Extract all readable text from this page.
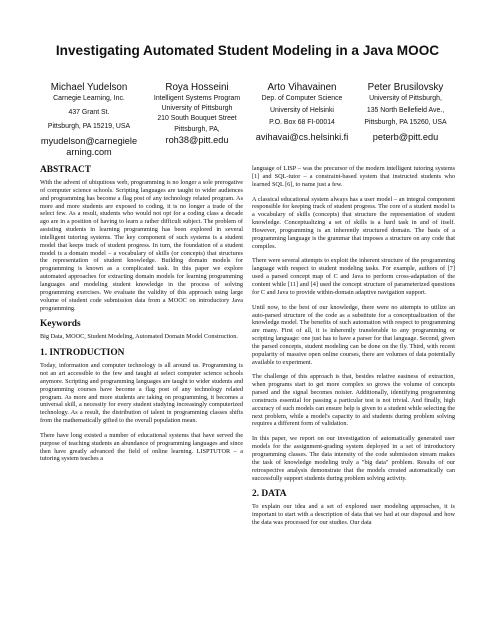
Investigating Automated Student Modeling in a Java MOOC
Michael Yudelson
Carnegie Learning, Inc.
437 Grant St.
Pittsburgh, PA 15219, USA
myudelson@carnegielearning.com
Roya Hosseini
Intelligent Systems Program
University of Pittsburgh
210 South Bouquet Street
Pittsburgh, PA,
roh38@pitt.edu
Arto Vihavainen
Dep. of Computer Science
University of Helsinki
P.O. Box 68 FI-00014
avihavai@cs.helsinki.fi
Peter Brusilovsky
University of Pittsburgh,
135 North Bellefield Ave.,
Pittsburgh, PA 15260, USA
peterb@pitt.edu
ABSTRACT

With the advent of ubiquitous web, programming is no longer a sole prerogative of computer science schools. Scripting languages are taught to wider audiences and programming has become a flag post of any technology related program. As more and more students are exposed to coding, it is no longer a trade of the select few. As a result, students who would not opt for a coding class a decade ago are in a position of having to learn a rather difficult subject. The problem of assisting students in learning programming has been explored in several intelligent tutoring systems. The key component of such systems is a student model that keeps track of student progress. In turn, the foundation of a student model is a domain model – a vocabulary of skills (or concepts) that structures the representation of student knowledge. Building domain models for programming is known as a complicated task. In this paper we explore automated approaches for extracting domain models for learning programming languages and modeling student knowledge in the process of solving programming exercises. We evaluate the validity of this approach using large volume of student code submission data from a MOOC on introductory Java programming.

Keywords

Big Data, MOOC, Student Modeling, Automated Domain Model Construction.

1. INTRODUCTION

Today, information and computer technology is all around us. Programming is not an art accessible to the few and taught at select computer science schools anymore. Scripting and programming languages are taught to wider students and programming courses have become a flag post of any technology related program. As more and more students are taking on programming, it becomes a universal skill, a necessity for every student studying increasingly computerized technology. As a result, the distribution of talent in programming classes shifts from the mathematically gifted to the overall population mean.

There have long existed a number of educational systems that have served the purpose of teaching students an abundance of programming languages and since then have greatly advanced the field of online learning. LISPTUTOR – a tutoring system teaches a

language of LISP – was the precursor of the modern intelligent tutoring systems [1] and SQL-tutor – a constraint-based system that instructed students who learned SQL [6], to name just a few.

A classical educational system always has a user model – an integral component responsible for keeping track of student progress. The core of a student model is a vocabulary of skills (concepts) that structure the representation of student knowledge. Conceptualizing a set of skills is a hard task in and of itself. However, programming is an inherently structured domain. The basis of a programming language is the grammar that imposes a structure on any code that compiles.

There were several attempts to exploit the inherent structure of the programming language with respect to student modeling tasks. For example, authors of [7] used a parsed concept map of C and Java to perform cross-adaptation of the content while [11] and [4] used the concept structure of parameterized questions for C and Java to provide within-domain adaptive navigation support.

Until now, to the best of our knowledge, there were no attempts to utilize an auto-parsed structure of the code as a substitute for a conceptualization of the knowledge model. The benefits of such automation with respect to programming are many. First of all, it is inherently transferable to any programming or scripting language: one just has to have a parser for that language. Second, given the parsed concepts, student modeling can be done on the fly. Third, with recent popularity of massive open online courses, there are volumes of data potentially available to experiment.

The challenge of this approach is that, besides relative easiness of extraction, when programs start to get more complex so grows the volume of concepts parsed and the signal becomes noisier. Additionally, identifying programming constructs essential for passing a particular test is not trivial. And finally, high accuracy of such models can ensure help is given to a student while selecting the next problem, while a model's capacity to aid students during problem solving requires a different form of validation.

In this paper, we report on our investigation of automatically generated user models for the assignment-grading system deployed in a set of introductory programming classes. The data intensity of the code submission stream makes the task of knowledge modeling truly a "big data" problem. Results of our retrospective analysis demonstrate that the models created automatically can successfully support students during problem solving activity.

2. DATA

To explain our idea and a set of explored user modeling approaches, it is important to start with a description of data that we had at our disposal and how the data was processed for our studies. Our data
